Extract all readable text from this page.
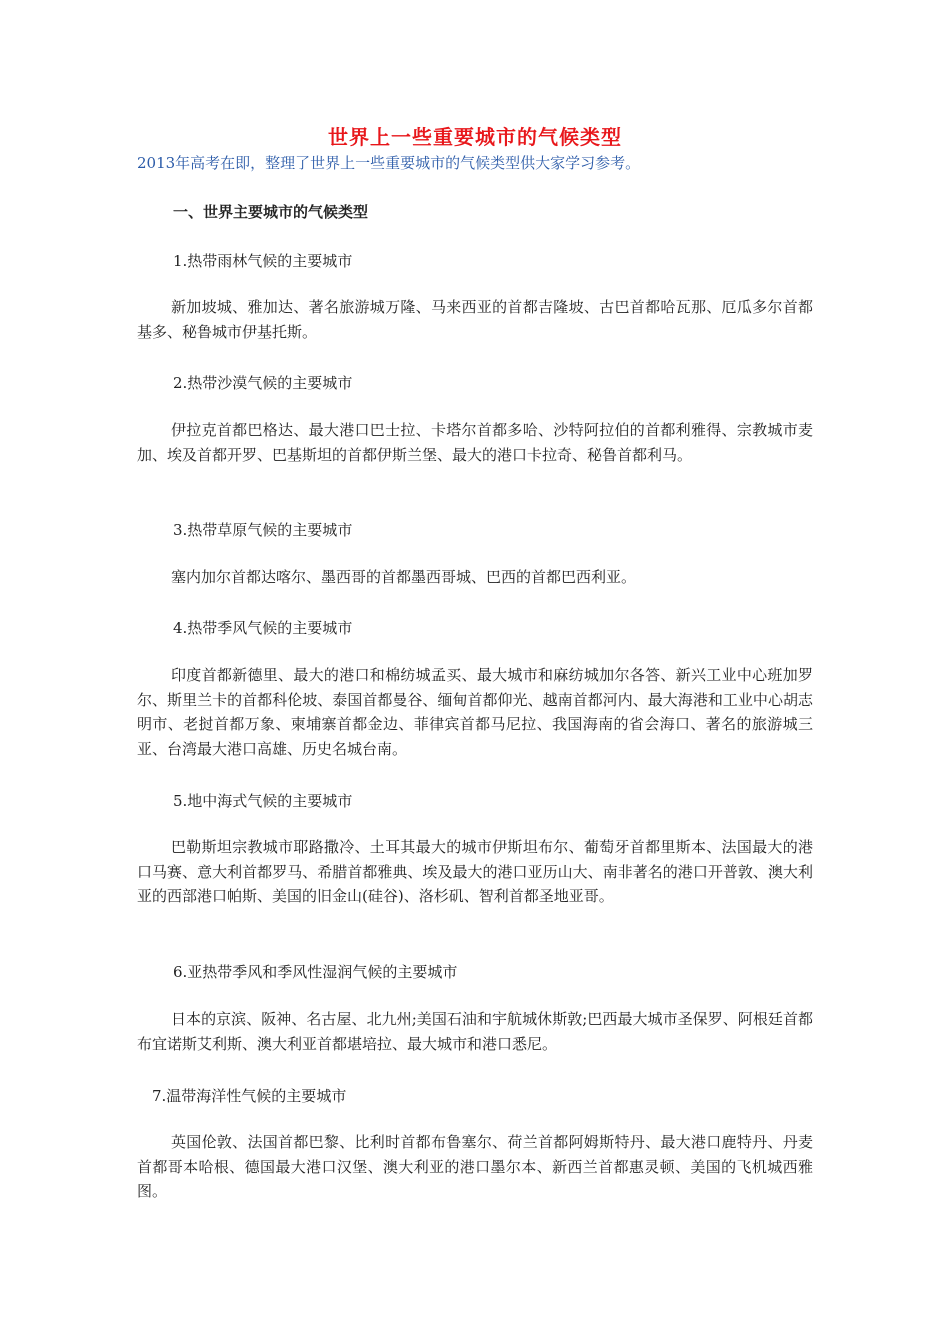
世界上一些重要城市的气候类型
2013年高考在即，整理了世界上一些重要城市的气候类型供大家学习参考。
一、世界主要城市的气候类型
1.热带雨林气候的主要城市
新加坡城、雅加达、著名旅游城万隆、马来西亚的首都吉隆坡、古巴首都哈瓦那、厄瓜多尔首都基多、秘鲁城市伊基托斯。
2.热带沙漠气候的主要城市
伊拉克首都巴格达、最大港口巴士拉、卡塔尔首都多哈、沙特阿拉伯的首都利雅得、宗教城市麦加、埃及首都开罗、巴基斯坦的首都伊斯兰堡、最大的港口卡拉奇、秘鲁首都利马。
3.热带草原气候的主要城市
塞内加尔首都达喀尔、墨西哥的首都墨西哥城、巴西的首都巴西利亚。
4.热带季风气候的主要城市
印度首都新德里、最大的港口和棉纺城孟买、最大城市和麻纺城加尔各答、新兴工业中心班加罗尔、斯里兰卡的首都科伦坡、泰国首都曼谷、缅甸首都仰光、越南首都河内、最大海港和工业中心胡志明市、老挝首都万象、柬埔寨首都金边、菲律宾首都马尼拉、我国海南的省会海口、著名的旅游城三亚、台湾最大港口高雄、历史名城台南。
5.地中海式气候的主要城市
巴勒斯坦宗教城市耶路撒冷、土耳其最大的城市伊斯坦布尔、葡萄牙首都里斯本、法国最大的港口马赛、意大利首都罗马、希腊首都雅典、埃及最大的港口亚历山大、南非著名的港口开普敦、澳大利亚的西部港口帕斯、美国的旧金山(硅谷)、洛杉矶、智利首都圣地亚哥。
6.亚热带季风和季风性湿润气候的主要城市
日本的京滨、阪神、名古屋、北九州;美国石油和宇航城休斯敦;巴西最大城市圣保罗、阿根廷首都布宜诺斯艾利斯、澳大利亚首都堪培拉、最大城市和港口悉尼。
7.温带海洋性气候的主要城市
英国伦敦、法国首都巴黎、比利时首都布鲁塞尔、荷兰首都阿姆斯特丹、最大港口鹿特丹、丹麦首都哥本哈根、德国最大港口汉堡、澳大利亚的港口墨尔本、新西兰首都惠灵顿、美国的飞机城西雅图。
